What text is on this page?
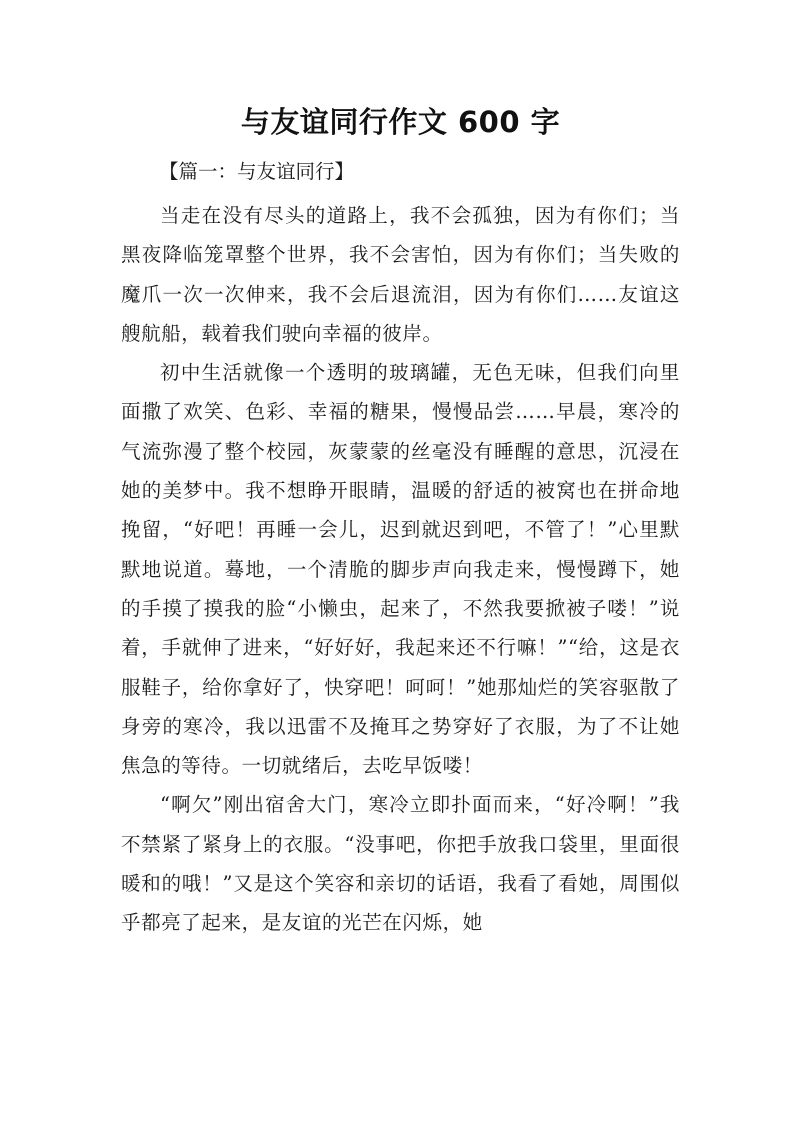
与友谊同行作文 600 字
【篇一：与友谊同行】

当走在没有尽头的道路上，我不会孤独，因为有你们；当黑夜降临笼罩整个世界，我不会害怕，因为有你们；当失败的魔爪一次一次伸来，我不会后退流泪，因为有你们……友谊这艘航船，载着我们驶向幸福的彼岸。

初中生活就像一个透明的玻璃罐，无色无味，但我们向里面撒了欢笑、色彩、幸福的糖果，慢慢品尝……早晨，寒冷的气流弥漫了整个校园，灰蒙蒙的丝毫没有睡醒的意思，沉浸在她的美梦中。我不想睁开眼睛，温暖的舒适的被窝也在拼命地挽留，“好吧！再睡一会儿，迟到就迟到吧，不管了！”心里默默地说道。蓦地，一个清脆的脚步声向我走来，慢慢蹲下，她的手摸了摸我的脸“小懒虫，起来了，不然我要掀被子喽！”说着，手就伸了进来，“好好好，我起来还不行嘛！”“给，这是衣服鞋子，给你拿好了，快穿吧！呵呵！”她那灿烂的笑容驱散了身旁的寒冷，我以迅雷不及掩耳之势穿好了衣服，为了不让她焦急的等待。一切就绪后，去吃早饭喽！

“啊欠”刚出宿舍大门，寒冷立即扑面而来，“好冷啊！”我不禁紧了紧身上的衣服。“没事吧，你把手放我口袋里，里面很暖和的哦！”又是这个笑容和亲切的话语，我看了看她，周围似乎都亮了起来，是友谊的光芒在闪烁，她
